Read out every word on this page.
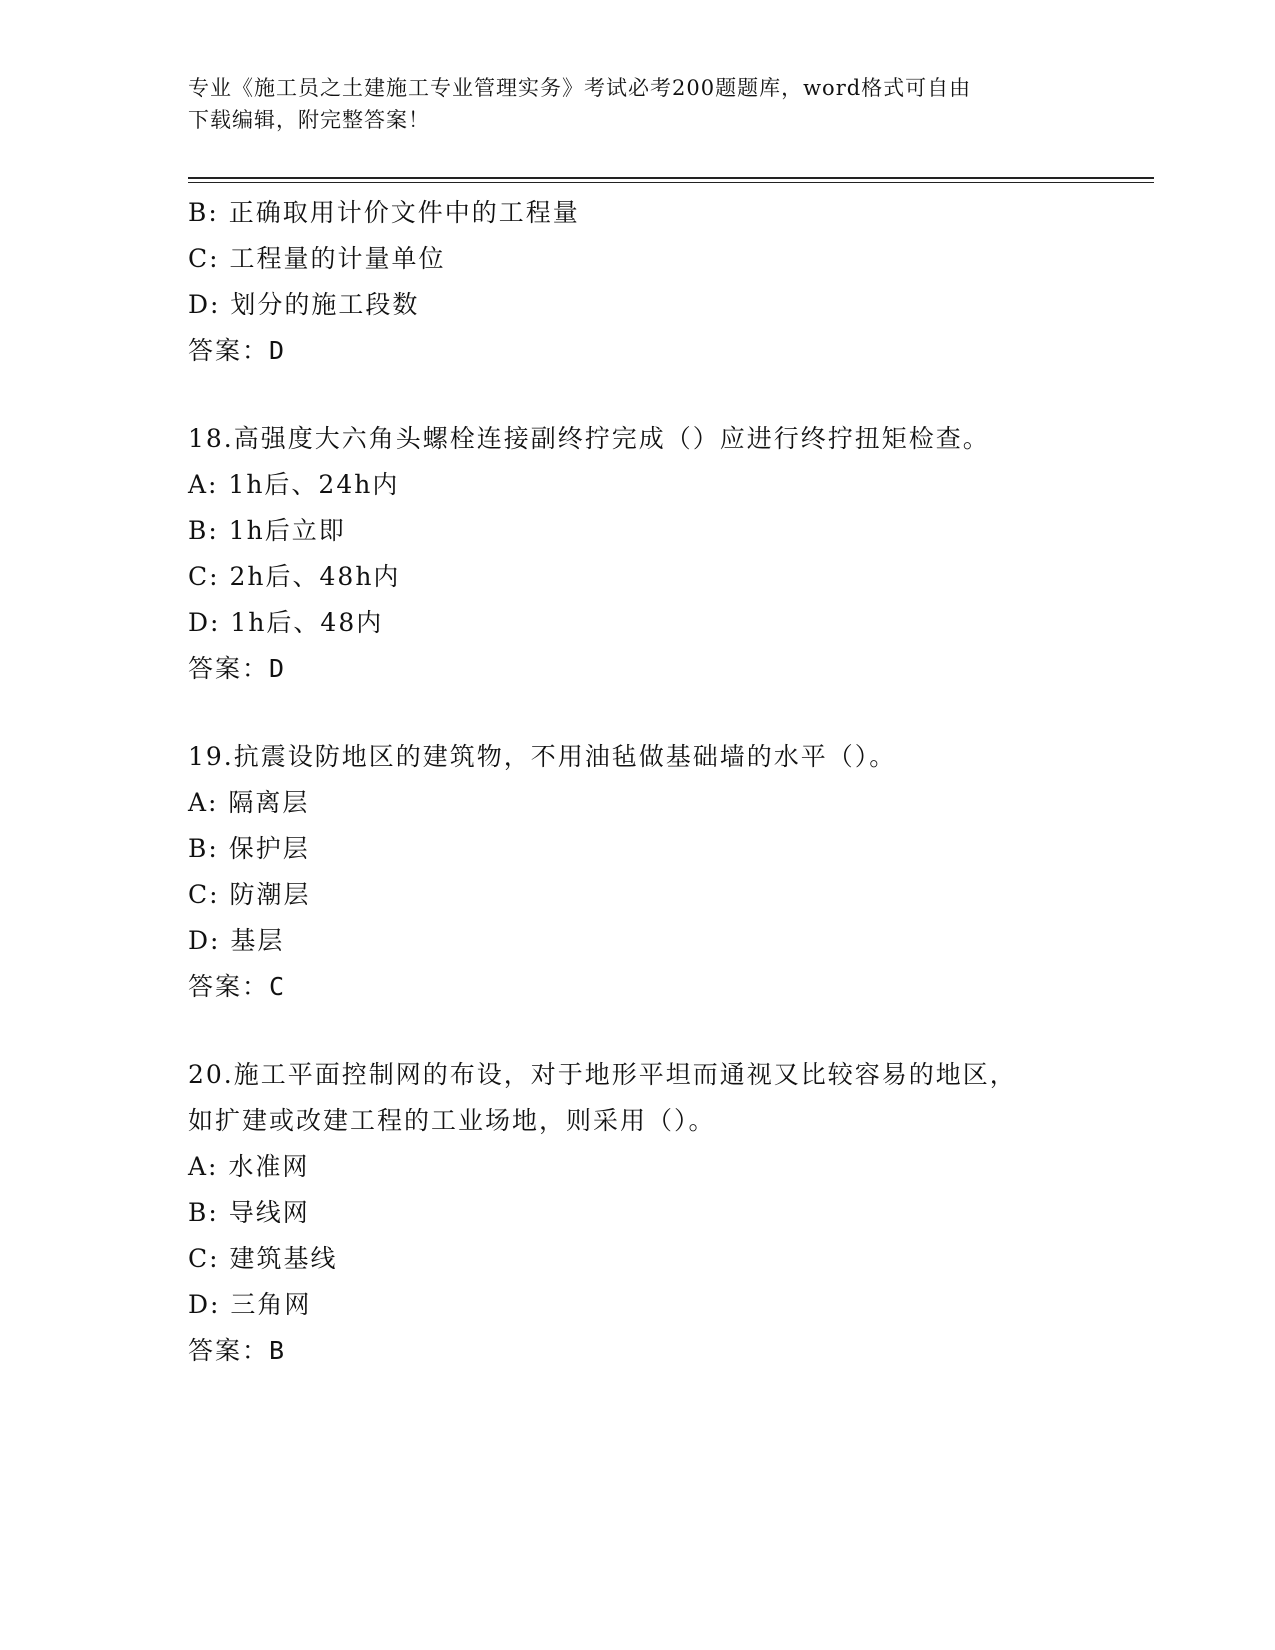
专业《施工员之土建施工专业管理实务》考试必考200题题库，word格式可自由
下载编辑，附完整答案！
B: 正确取用计价文件中的工程量
C: 工程量的计量单位
D: 划分的施工段数
答案：D
18.高强度大六角头螺栓连接副终拧完成（）应进行终拧扭矩检查。
A: 1h后、24h内
B: 1h后立即
C: 2h后、48h内
D: 1h后、48内
答案：D
19.抗震设防地区的建筑物，不用油毡做基础墙的水平（）。
A: 隔离层
B: 保护层
C: 防潮层
D: 基层
答案：C
20.施工平面控制网的布设，对于地形平坦而通视又比较容易的地区，
如扩建或改建工程的工业场地，则采用（）。
A: 水准网
B: 导线网
C: 建筑基线
D: 三角网
答案：B
